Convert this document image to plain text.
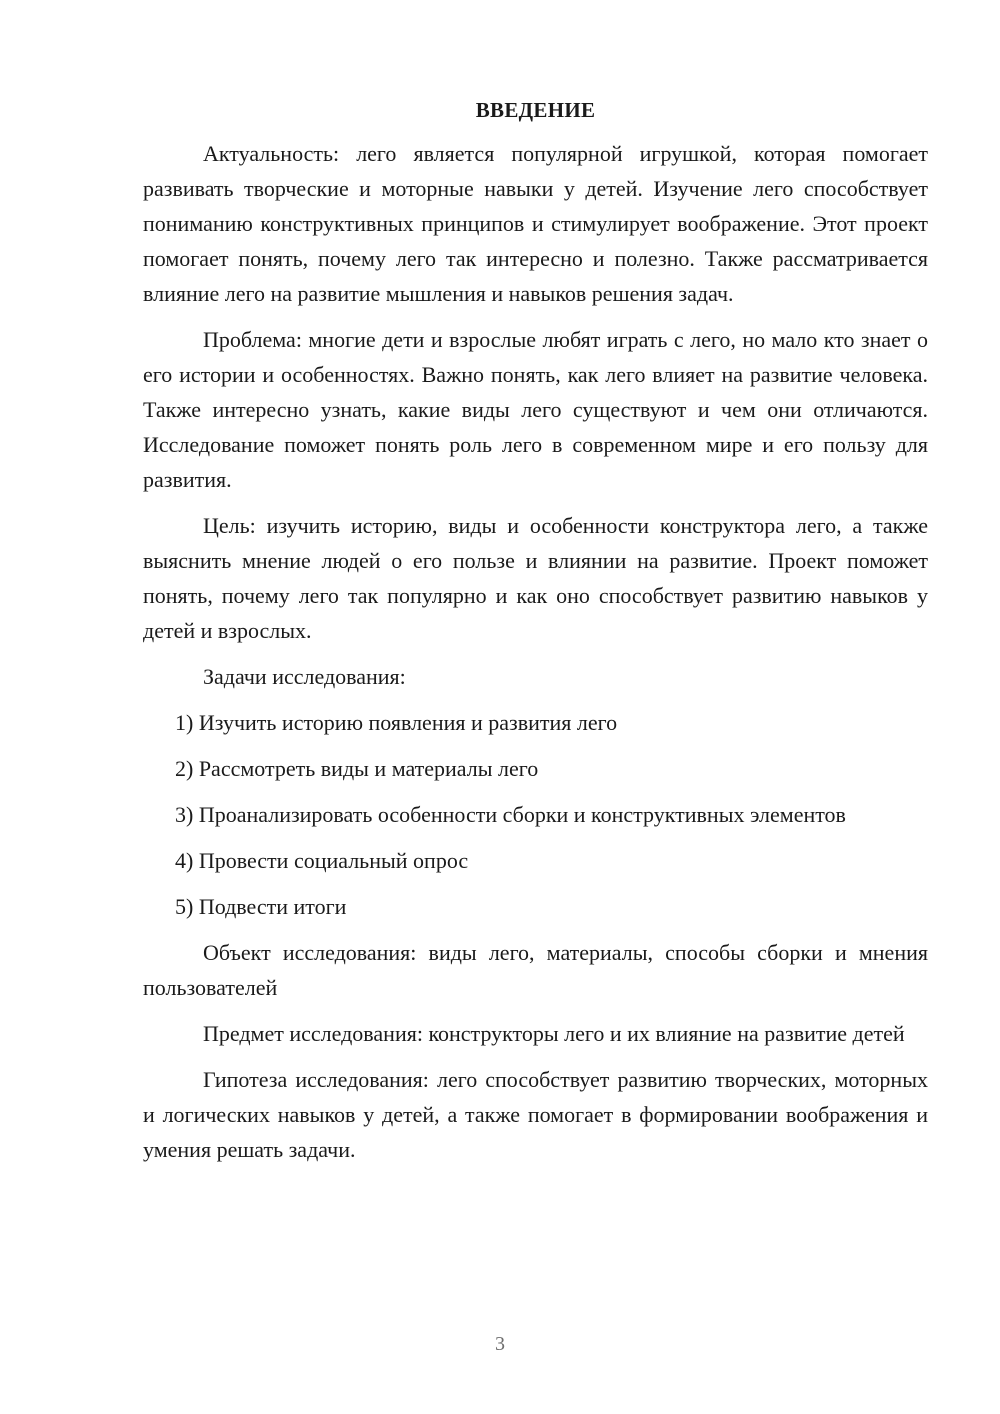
ВВЕДЕНИЕ

Актуальность: лего является популярной игрушкой, которая помогает развивать творческие и моторные навыки у детей. Изучение лего способствует пониманию конструктивных принципов и стимулирует воображение. Этот проект помогает понять, почему лего так интересно и полезно. Также рассматривается влияние лего на развитие мышления и навыков решения задач.

Проблема: многие дети и взрослые любят играть с лего, но мало кто знает о его истории и особенностях. Важно понять, как лего влияет на развитие человека. Также интересно узнать, какие виды лего существуют и чем они отличаются. Исследование поможет понять роль лего в современном мире и его пользу для развития.

Цель: изучить историю, виды и особенности конструктора лего, а также выяснить мнение людей о его пользе и влиянии на развитие. Проект поможет понять, почему лего так популярно и как оно способствует развитию навыков у детей и взрослых.

Задачи исследования:

1) Изучить историю появления и развития лего

2) Рассмотреть виды и материалы лего

3) Проанализировать особенности сборки и конструктивных элементов

4) Провести социальный опрос

5) Подвести итоги

Объект исследования: виды лего, материалы, способы сборки и мнения пользователей

Предмет исследования: конструкторы лего и их влияние на развитие детей

Гипотеза исследования: лего способствует развитию творческих, моторных и логических навыков у детей, а также помогает в формировании воображения и умения решать задачи.

3
